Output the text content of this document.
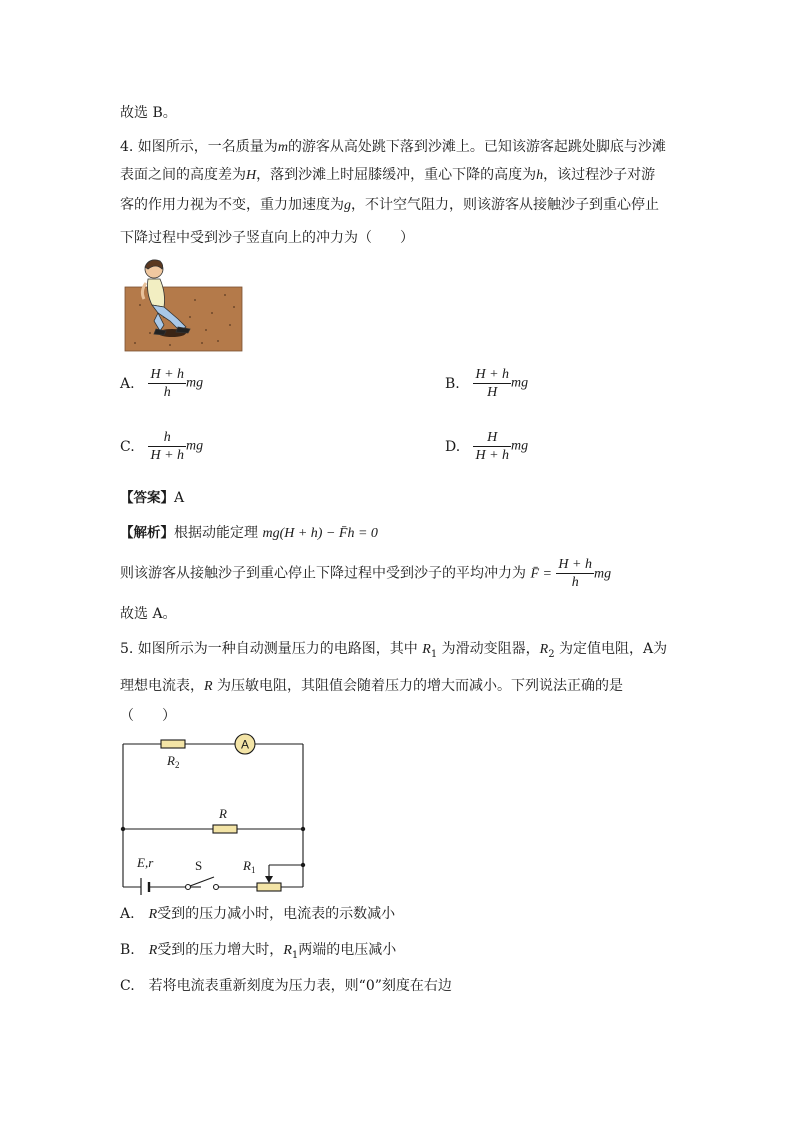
故选 B。
4. 如图所示，一名质量为m的游客从高处跳下落到沙滩上。已知该游客起跳处脚底与沙滩
表面之间的高度差为H，落到沙滩上时屈膝缓冲，重心下降的高度为h，该过程沙子对游
客的作用力视为不变，重力加速度为g，不计空气阻力，则该游客从接触沙子到重心停止
下降过程中受到沙子竖直向上的冲力为（　　）
A. $\frac{H + h}{h}$ mg	B. $\frac{H + h}{H}$ mg
C. $\frac{h}{H + h}$ mg	D. $\frac{H}{H + h}$ mg
【答案】A
【解析】根据动能定理 mg(H + h) − F̄h = 0
则该游客从接触沙子到重心停止下降过程中受到沙子的平均冲力为 F̄ = $\frac{H + h}{h}$ mg
故选 A。
5. 如图所示为一种自动测量压力的电路图，其中 $R_1$ 为滑动变阻器，$R_2$ 为定值电阻，A为
理想电流表，R 为压敏电阻，其阻值会随着压力的增大而减小。下列说法正确的是
（　　）
A
$R_2$
R
E,r	S	$R_1$
A.　R受到的压力减小时，电流表的示数减小
B.　R受到的压力增大时，$R_1$两端的电压减小
C.　若将电流表重新刻度为压力表，则“0”刻度在右边
